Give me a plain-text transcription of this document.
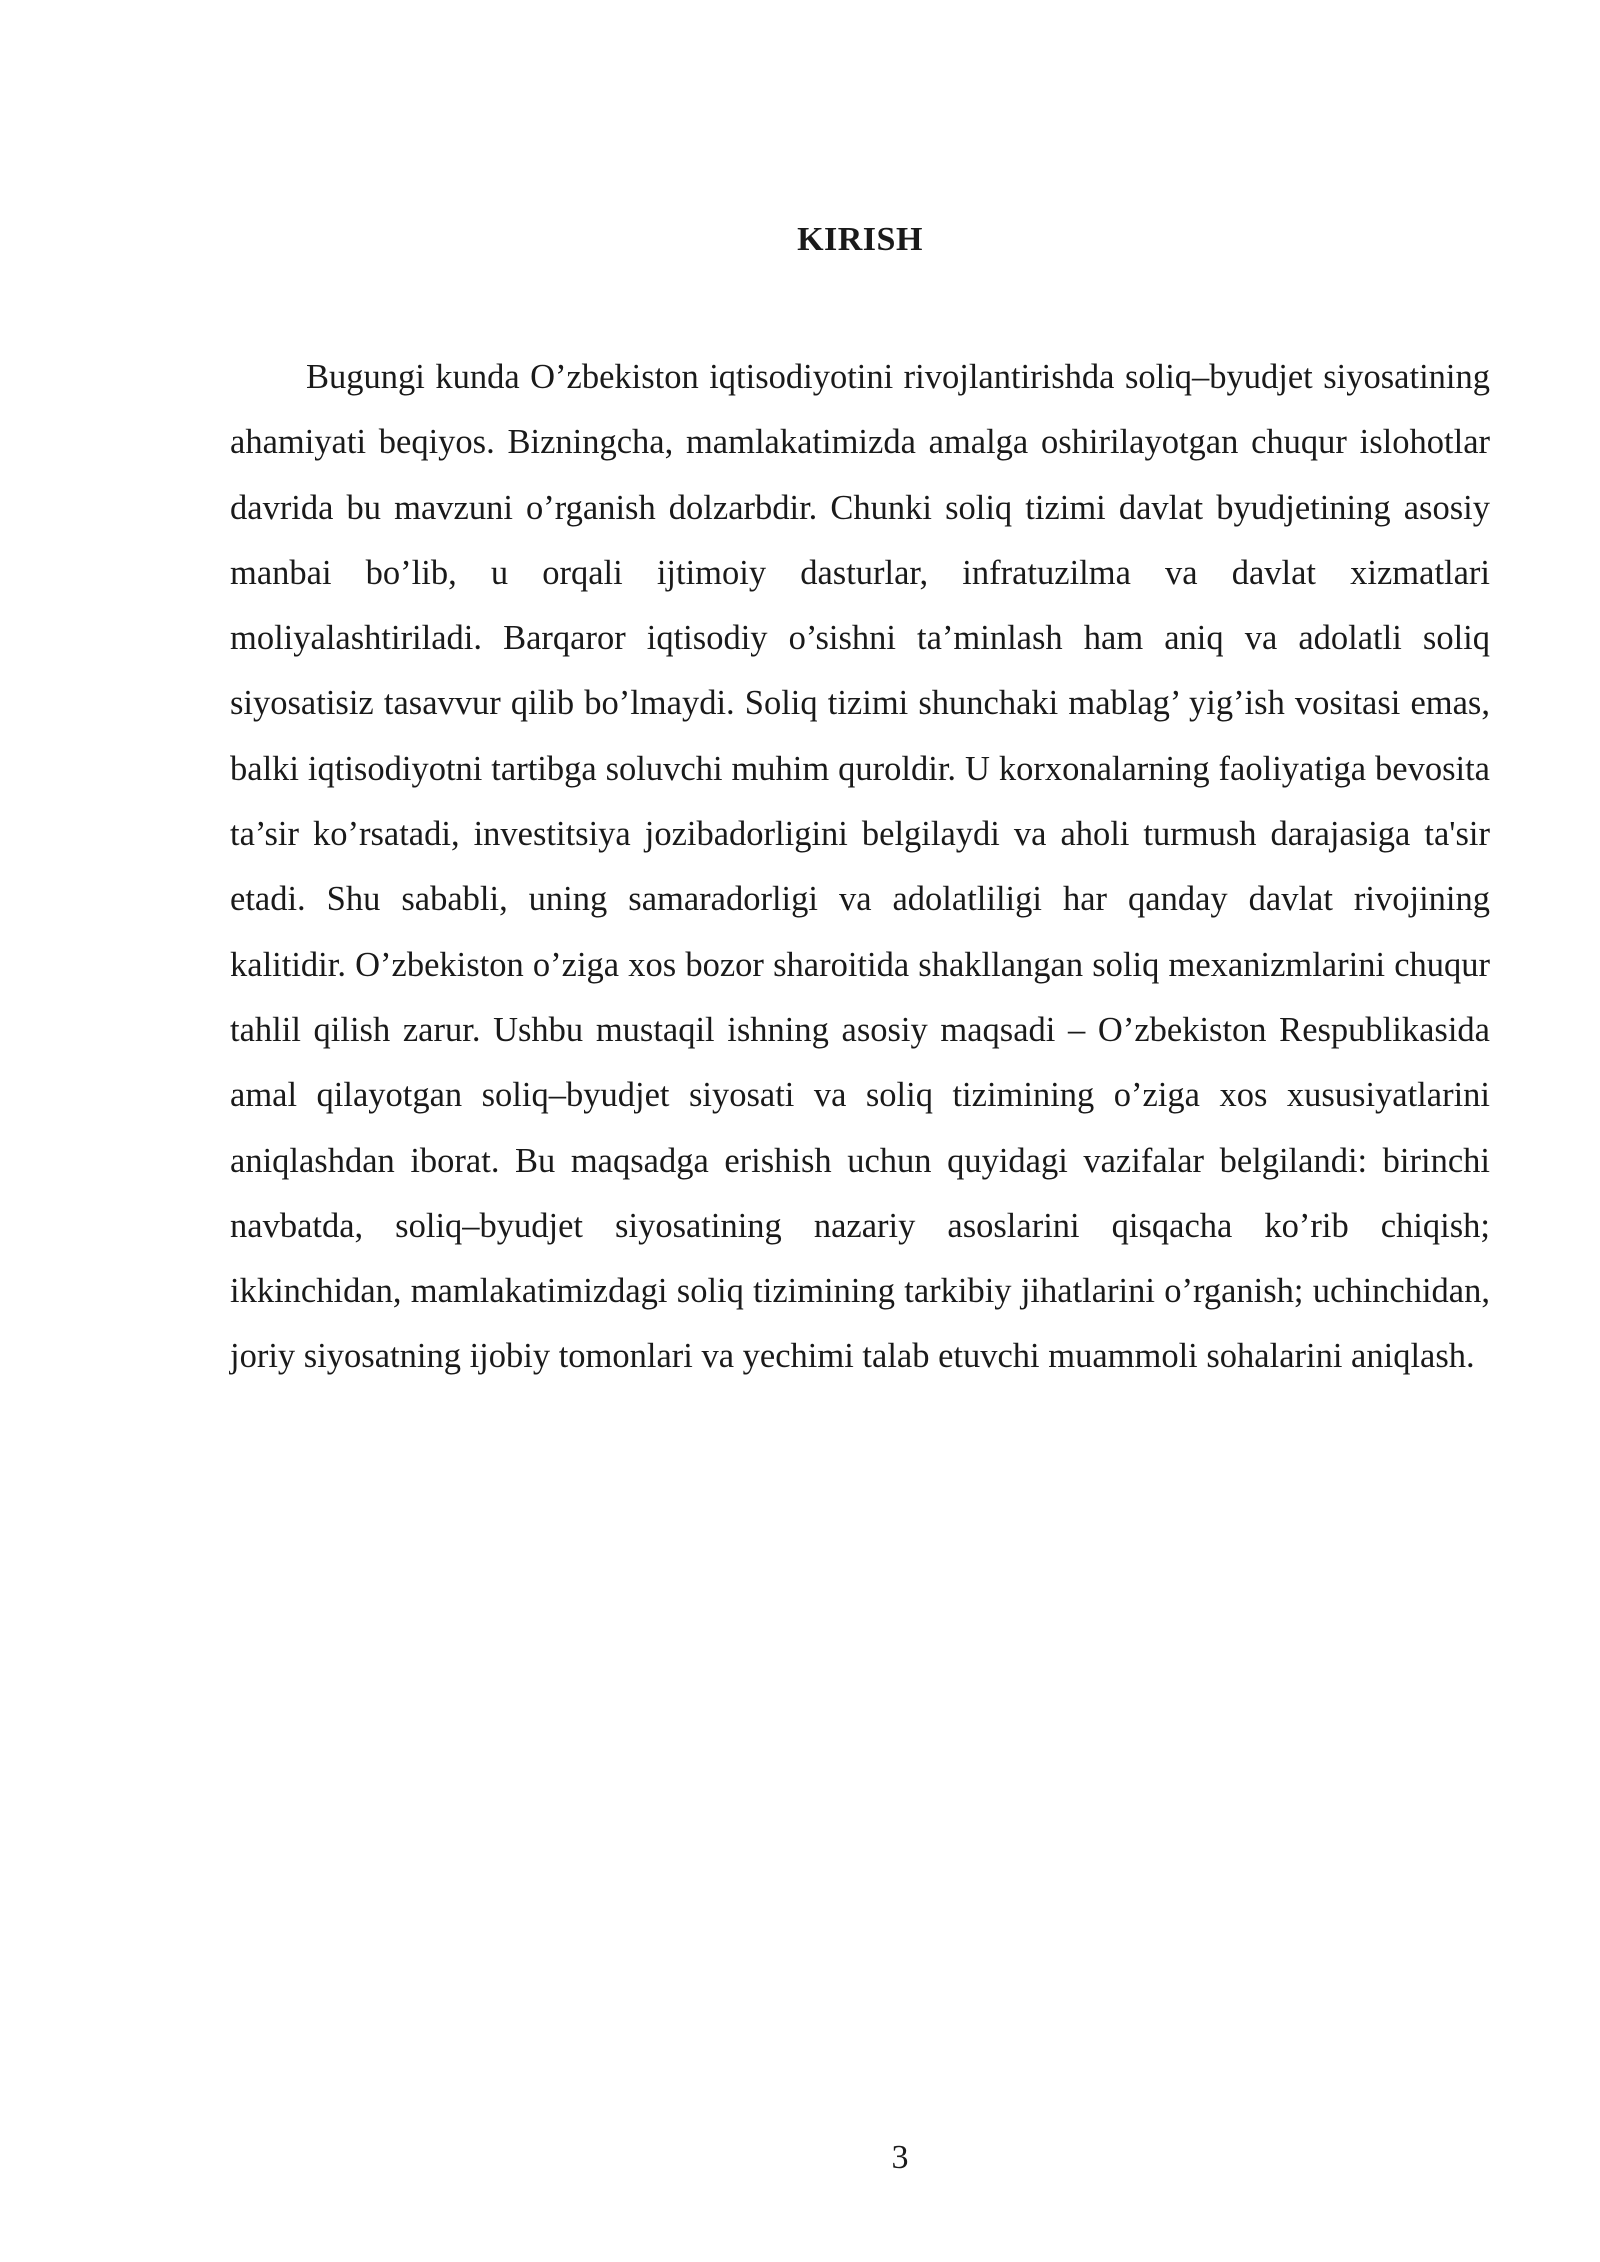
KIRISH

Bugungi kunda O’zbekiston iqtisodiyotini rivojlantirishda soliq–byudjet siyosatining ahamiyati beqiyos. Bizningcha, mamlakatimizda amalga oshirilayotgan chuqur islohotlar davrida bu mavzuni o’rganish dolzarbdir. Chunki soliq tizimi davlat byudjetining asosiy manbai bo’lib, u orqali ijtimoiy dasturlar, infratuzilma va davlat xizmatlari moliyalashtiriladi. Barqaror iqtisodiy o’sishni ta’minlash ham aniq va adolatli soliq siyosatisiz tasavvur qilib bo’lmaydi. Soliq tizimi shunchaki mablag’ yig’ish vositasi emas, balki iqtisodiyotni tartibga soluvchi muhim quroldir. U korxonalarning faoliyatiga bevosita ta’sir ko’rsatadi, investitsiya jozibadorligini belgilaydi va aholi turmush darajasiga ta'sir etadi. Shu sababli, uning samaradorligi va adolatliligi har qanday davlat rivojining kalitidir. O’zbekiston o’ziga xos bozor sharoitida shakllangan soliq mexanizmlarini chuqur tahlil qilish zarur. Ushbu mustaqil ishning asosiy maqsadi – O’zbekiston Respublikasida amal qilayotgan soliq–byudjet siyosati va soliq tizimining o’ziga xos xususiyatlarini aniqlashdan iborat. Bu maqsadga erishish uchun quyidagi vazifalar belgilandi: birinchi navbatda, soliq–byudjet siyosatining nazariy asoslarini qisqacha ko’rib chiqish; ikkinchidan, mamlakatimizdagi soliq tizimining tarkibiy jihatlarini o’rganish; uchinchidan, joriy siyosatning ijobiy tomonlari va yechimi talab etuvchi muammoli sohalarini aniqlash.

3
